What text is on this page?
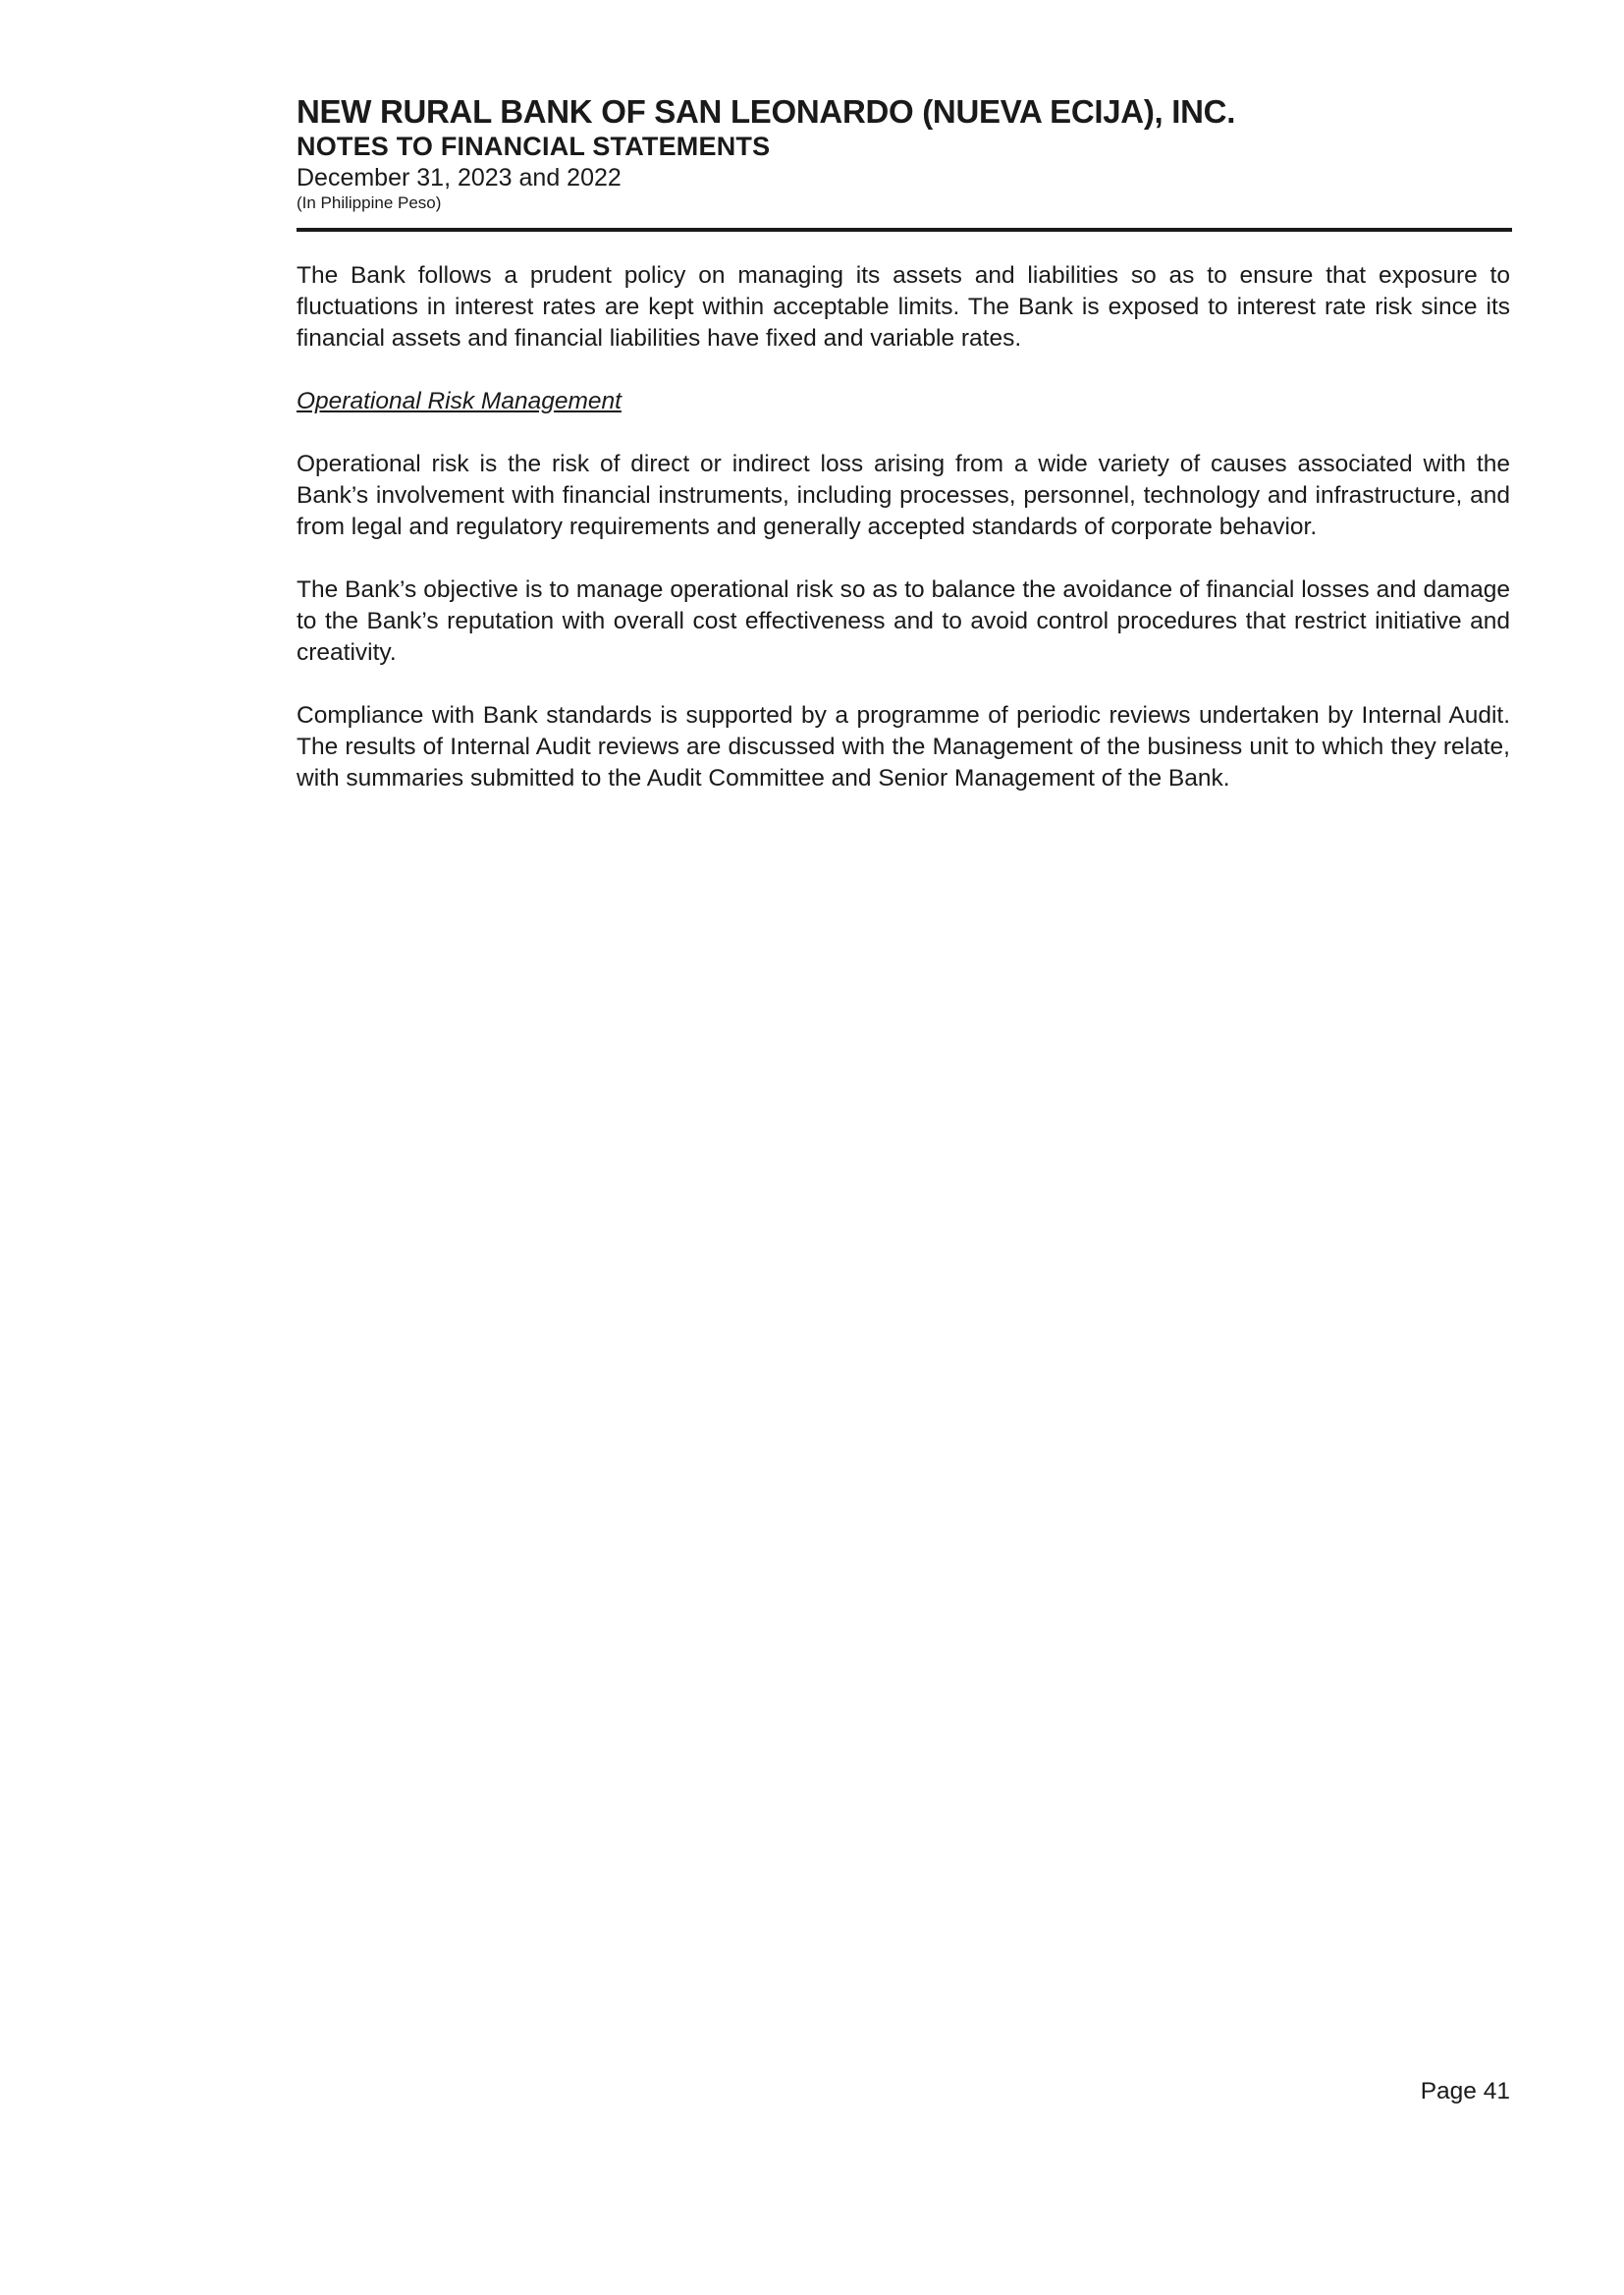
NEW RURAL BANK OF SAN LEONARDO (NUEVA ECIJA), INC.
NOTES TO FINANCIAL STATEMENTS
December 31, 2023 and 2022
(In Philippine Peso)

The Bank follows a prudent policy on managing its assets and liabilities so as to ensure that exposure to fluctuations in interest rates are kept within acceptable limits. The Bank is exposed to interest rate risk since its financial assets and financial liabilities have fixed and variable rates.

Operational Risk Management

Operational risk is the risk of direct or indirect loss arising from a wide variety of causes associated with the Bank’s involvement with financial instruments, including processes, personnel, technology and infrastructure, and from legal and regulatory requirements and generally accepted standards of corporate behavior.

The Bank’s objective is to manage operational risk so as to balance the avoidance of financial losses and damage to the Bank’s reputation with overall cost effectiveness and to avoid control procedures that restrict initiative and creativity.

Compliance with Bank standards is supported by a programme of periodic reviews undertaken by Internal Audit. The results of Internal Audit reviews are discussed with the Management of the business unit to which they relate, with summaries submitted to the Audit Committee and Senior Management of the Bank.

Page 41
